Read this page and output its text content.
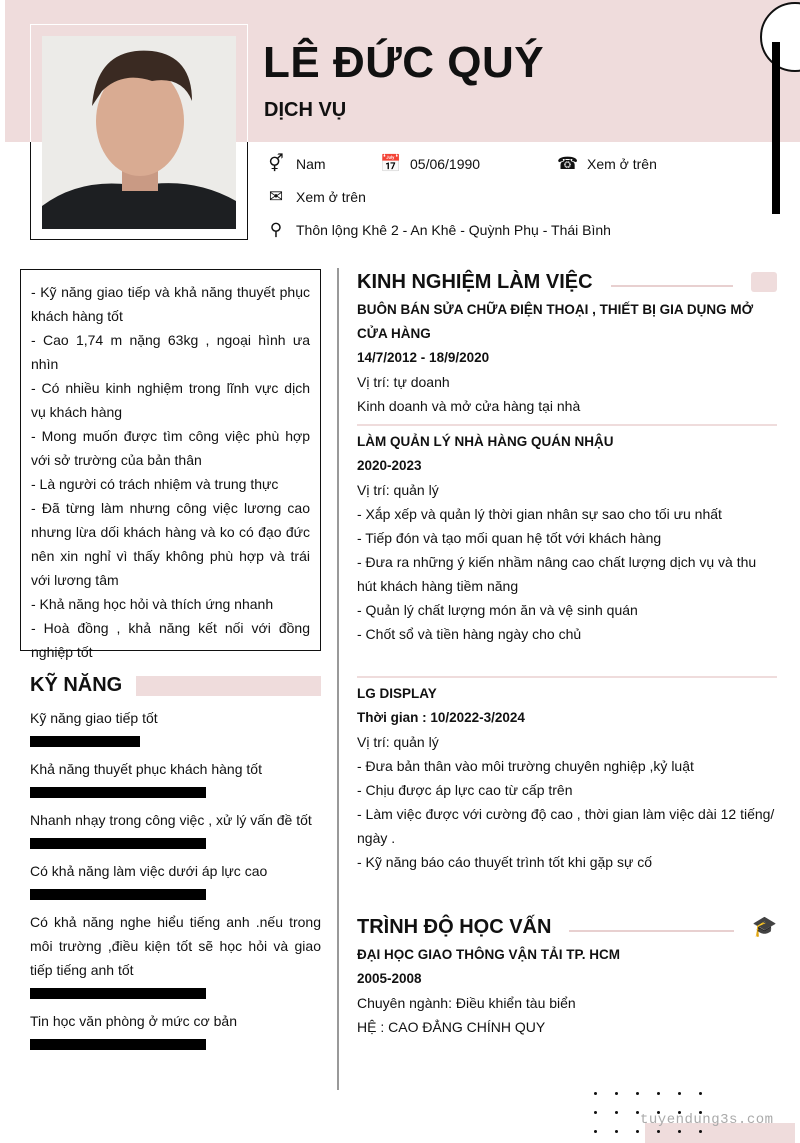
LÊ ĐỨC QUÝ
DỊCH VỤ
⚥ Nam	📅 05/06/1990	☎ Xem ở trên
✉ Xem ở trên
⚲ Thôn lộng Khê 2 - An Khê - Quỳnh Phụ - Thái Bình
- Kỹ năng giao tiếp và khả năng thuyết phục khách hàng tốt
- Cao 1,74 m nặng 63kg , ngoại hình ưa nhìn
- Có nhiều kinh nghiệm trong lĩnh vực dịch vụ khách hàng
- Mong muốn được tìm công việc phù hợp với sở trường của bản thân
- Là người có trách nhiệm và trung thực
- Đã từng làm nhưng công việc lương cao nhưng lừa dối khách hàng và ko có đạo đức nên xin nghỉ vì thấy không phù hợp và trái với lương tâm
- Khả năng học hỏi và thích ứng nhanh
- Hoà đồng , khả năng kết nối với đồng nghiệp tốt
KỸ NĂNG
Kỹ năng giao tiếp tốt
Khả năng thuyết phục khách hàng tốt
Nhanh nhạy trong công việc , xử lý vấn đề tốt
Có khả năng làm việc dưới áp lực cao
Có khả năng nghe hiểu tiếng anh .nếu trong môi trường ,điều kiện tốt sẽ học hỏi và giao tiếp tiếng anh tốt
Tin học văn phòng ở mức cơ bản
KINH NGHIỆM LÀM VIỆC
BUÔN BÁN SỬA CHỮA ĐIỆN THOẠI , THIẾT BỊ GIA DỤNG MỞ CỬA HÀNG
14/7/2012 - 18/9/2020
Vị trí: tự doanh
Kinh doanh và mở cửa hàng tại nhà
LÀM QUẢN LÝ NHÀ HÀNG QUÁN NHẬU
2020-2023
Vị trí: quản lý
- Xắp xếp và quản lý thời gian nhân sự sao cho tối ưu nhất
- Tiếp đón và tạo mối quan hệ tốt với khách hàng
- Đưa ra những ý kiến nhầm nâng cao chất lượng dịch vụ và thu hút khách hàng tiềm năng
- Quản lý chất lượng món ăn và vệ sinh quán
- Chốt sổ và tiền hàng ngày cho chủ
LG DISPLAY
Thời gian : 10/2022-3/2024
Vị trí: quản lý
- Đưa bản thân vào môi trường chuyên nghiệp ,kỷ luật
- Chịu được áp lực cao từ cấp trên
- Làm việc được với cường độ cao , thời gian làm việc dài 12 tiếng/ ngày .
- Kỹ năng báo cáo thuyết trình tốt khi gặp sự cố
TRÌNH ĐỘ HỌC VẤN	🎓
ĐẠI HỌC GIAO THÔNG VẬN TẢI TP. HCM
2005-2008
Chuyên ngành: Điều khiển tàu biển
HỆ : CAO ĐẲNG CHÍNH QUY
tuyendung3s.com
